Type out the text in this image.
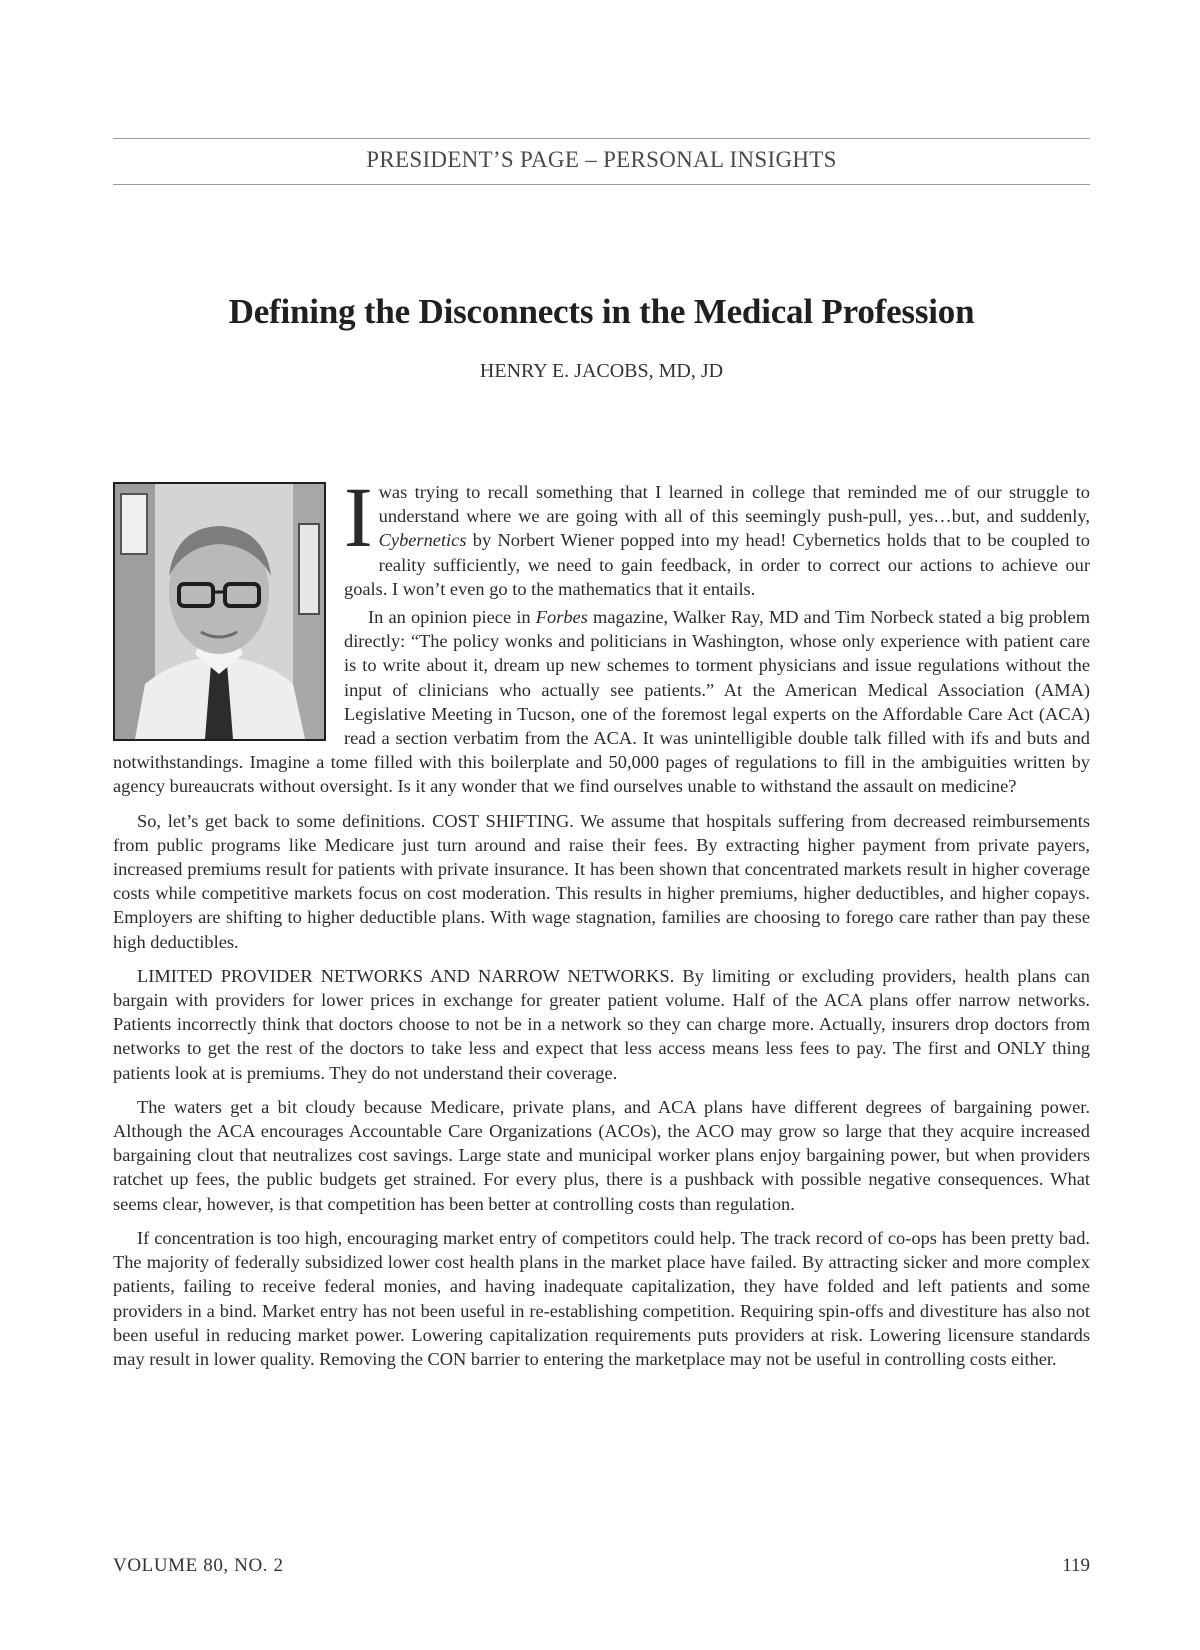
PRESIDENT’S PAGE – PERSONAL INSIGHTS
Defining the Disconnects in the Medical Profession
HENRY E. JACOBS, MD, JD

Iwas trying to recall something that I learned in college that reminded me of our struggle to understand where we are going with all of this seemingly push-pull, yes…but, and suddenly, Cybernetics by Norbert Wiener popped into my head! Cybernetics holds that to be coupled to reality sufficiently, we need to gain feedback, in order to correct our actions to achieve our goals. I won’t even go to the mathematics that it entails.

In an opinion piece in Forbes magazine, Walker Ray, MD and Tim Norbeck stated a big problem directly: “The policy wonks and politicians in Washington, whose only experience with patient care is to write about it, dream up new schemes to torment physicians and issue regulations without the input of clinicians who actually see patients.” At the American Medical Association (AMA) Legislative Meeting in Tucson, one of the foremost legal experts on the Affordable Care Act (ACA) read a section verbatim from the ACA. It was unintelligible double talk filled with ifs and buts and notwithstandings. Imagine a tome filled with this boilerplate and 50,000 pages of regulations to fill in the ambiguities written by agency bureaucrats without oversight. Is it any wonder that we find ourselves unable to withstand the assault on medicine?

So, let’s get back to some definitions. COST SHIFTING. We assume that hospitals suffering from decreased reimbursements from public programs like Medicare just turn around and raise their fees. By extracting higher payment from private payers, increased premiums result for patients with private insurance. It has been shown that concentrated markets result in higher coverage costs while competitive markets focus on cost moderation. This results in higher premiums, higher deductibles, and higher copays. Employers are shifting to higher deductible plans. With wage stagnation, families are choosing to forego care rather than pay these high deductibles.

LIMITED PROVIDER NETWORKS AND NARROW NETWORKS. By limiting or excluding providers, health plans can bargain with providers for lower prices in exchange for greater patient volume. Half of the ACA plans offer narrow networks. Patients incorrectly think that doctors choose to not be in a network so they can charge more. Actually, insurers drop doctors from networks to get the rest of the doctors to take less and expect that less access means less fees to pay. The first and ONLY thing patients look at is premiums. They do not understand their coverage.

The waters get a bit cloudy because Medicare, private plans, and ACA plans have different degrees of bargaining power. Although the ACA encourages Accountable Care Organizations (ACOs), the ACO may grow so large that they acquire increased bargaining clout that neutralizes cost savings. Large state and municipal worker plans enjoy bargaining power, but when providers ratchet up fees, the public budgets get strained. For every plus, there is a pushback with possible negative consequences. What seems clear, however, is that competition has been better at controlling costs than regulation.

If concentration is too high, encouraging market entry of competitors could help. The track record of co-ops has been pretty bad. The majority of federally subsidized lower cost health plans in the market place have failed. By attracting sicker and more complex patients, failing to receive federal monies, and having inadequate capitalization, they have folded and left patients and some providers in a bind. Market entry has not been useful in re-establishing competition. Requiring spin-offs and divestiture has also not been useful in reducing market power. Lowering capitalization requirements puts providers at risk. Lowering licensure standards may result in lower quality. Removing the CON barrier to entering the marketplace may not be useful in controlling costs either.

VOLUME 80, NO. 2	119
